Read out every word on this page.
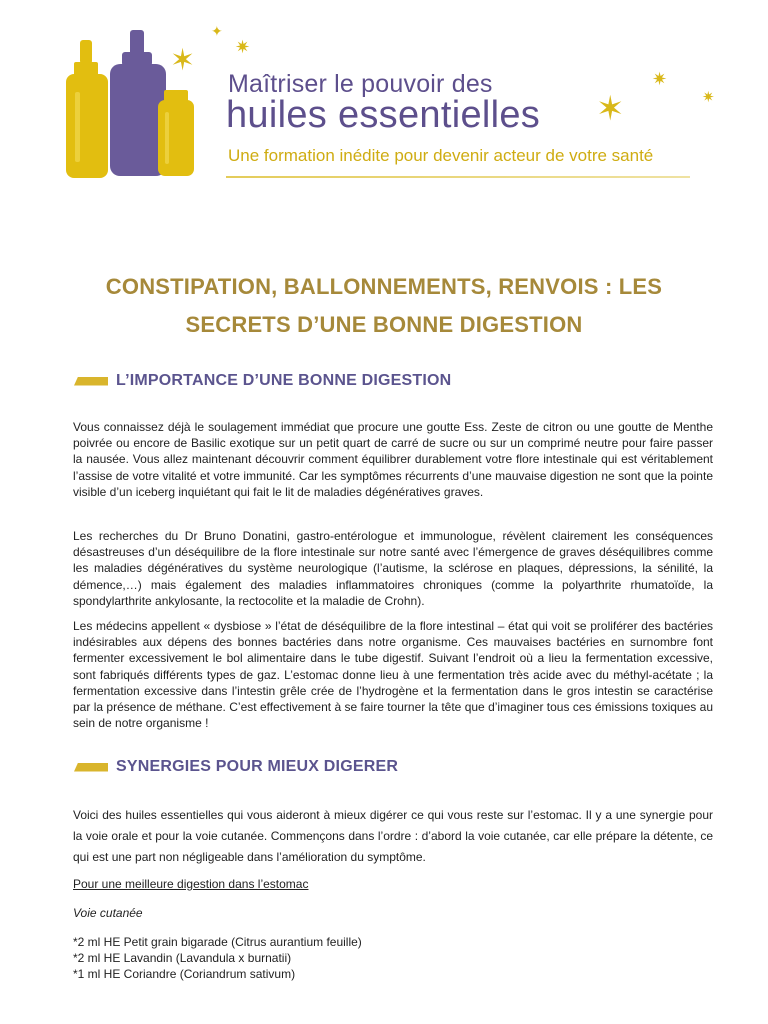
✦
✷
✶
✷
✶	✷
Maîtriser le pouvoir des
huiles essentielles
Une formation inédite pour devenir acteur de votre santé
CONSTIPATION, BALLONNEMENTS, RENVOIS : LES
SECRETS D’UNE BONNE DIGESTION
L’IMPORTANCE D’UNE BONNE DIGESTION
Vous connaissez déjà le soulagement immédiat que procure une goutte Ess. Zeste de citron ou une goutte de Menthe poivrée ou encore de Basilic exotique sur un petit quart de carré de sucre ou sur un comprimé neutre pour faire passer la nausée. Vous allez maintenant découvrir comment équilibrer durablement votre flore intestinale qui est véritablement l’assise de votre vitalité et votre immunité. Car les symptômes récurrents d’une mauvaise digestion ne sont que la pointe visible d’un iceberg inquiétant qui fait le lit de maladies dégénératives graves.
Les recherches du Dr Bruno Donatini, gastro-entérologue et immunologue, révèlent clairement les conséquences désastreuses d’un déséquilibre de la flore intestinale sur notre santé avec l’émergence de graves déséquilibres comme les maladies dégénératives du système neurologique (l’autisme, la sclérose en plaques, dépressions, la sénilité, la démence,…) mais également des maladies inflammatoires chroniques (comme la polyarthrite rhumatoïde, la spondylarthrite ankylosante, la rectocolite et la maladie de Crohn).
Les médecins appellent « dysbiose » l’état de déséquilibre de la flore intestinal – état qui voit se proliférer des bactéries indésirables aux dépens des bonnes bactéries dans notre organisme. Ces mauvaises bactéries en surnombre font fermenter excessivement le bol alimentaire dans le tube digestif. Suivant l’endroit où a lieu la fermentation excessive, sont fabriqués différents types de gaz. L’estomac donne lieu à une fermentation très acide avec du méthyl-acétate ; la fermentation excessive dans l’intestin grêle crée de l’hydrogène et la fermentation dans le gros intestin se caractérise par la présence de méthane. C’est effectivement à se faire tourner la tête que d’imaginer tous ces émissions toxiques au sein de notre organisme !
SYNERGIES POUR MIEUX DIGERER
Voici des huiles essentielles qui vous aideront à mieux digérer ce qui vous reste sur l’estomac. Il y a une synergie pour la voie orale et pour la voie cutanée. Commençons dans l’ordre : d’abord la voie cutanée, car elle prépare la détente, ce qui est une part non négligeable dans l’amélioration du symptôme.
Pour une meilleure digestion dans l’estomac
Voie cutanée
*2 ml HE Petit grain bigarade (Citrus aurantium feuille)
*2 ml HE Lavandin (Lavandula x burnatii)
*1 ml HE Coriandre (Coriandrum sativum)
